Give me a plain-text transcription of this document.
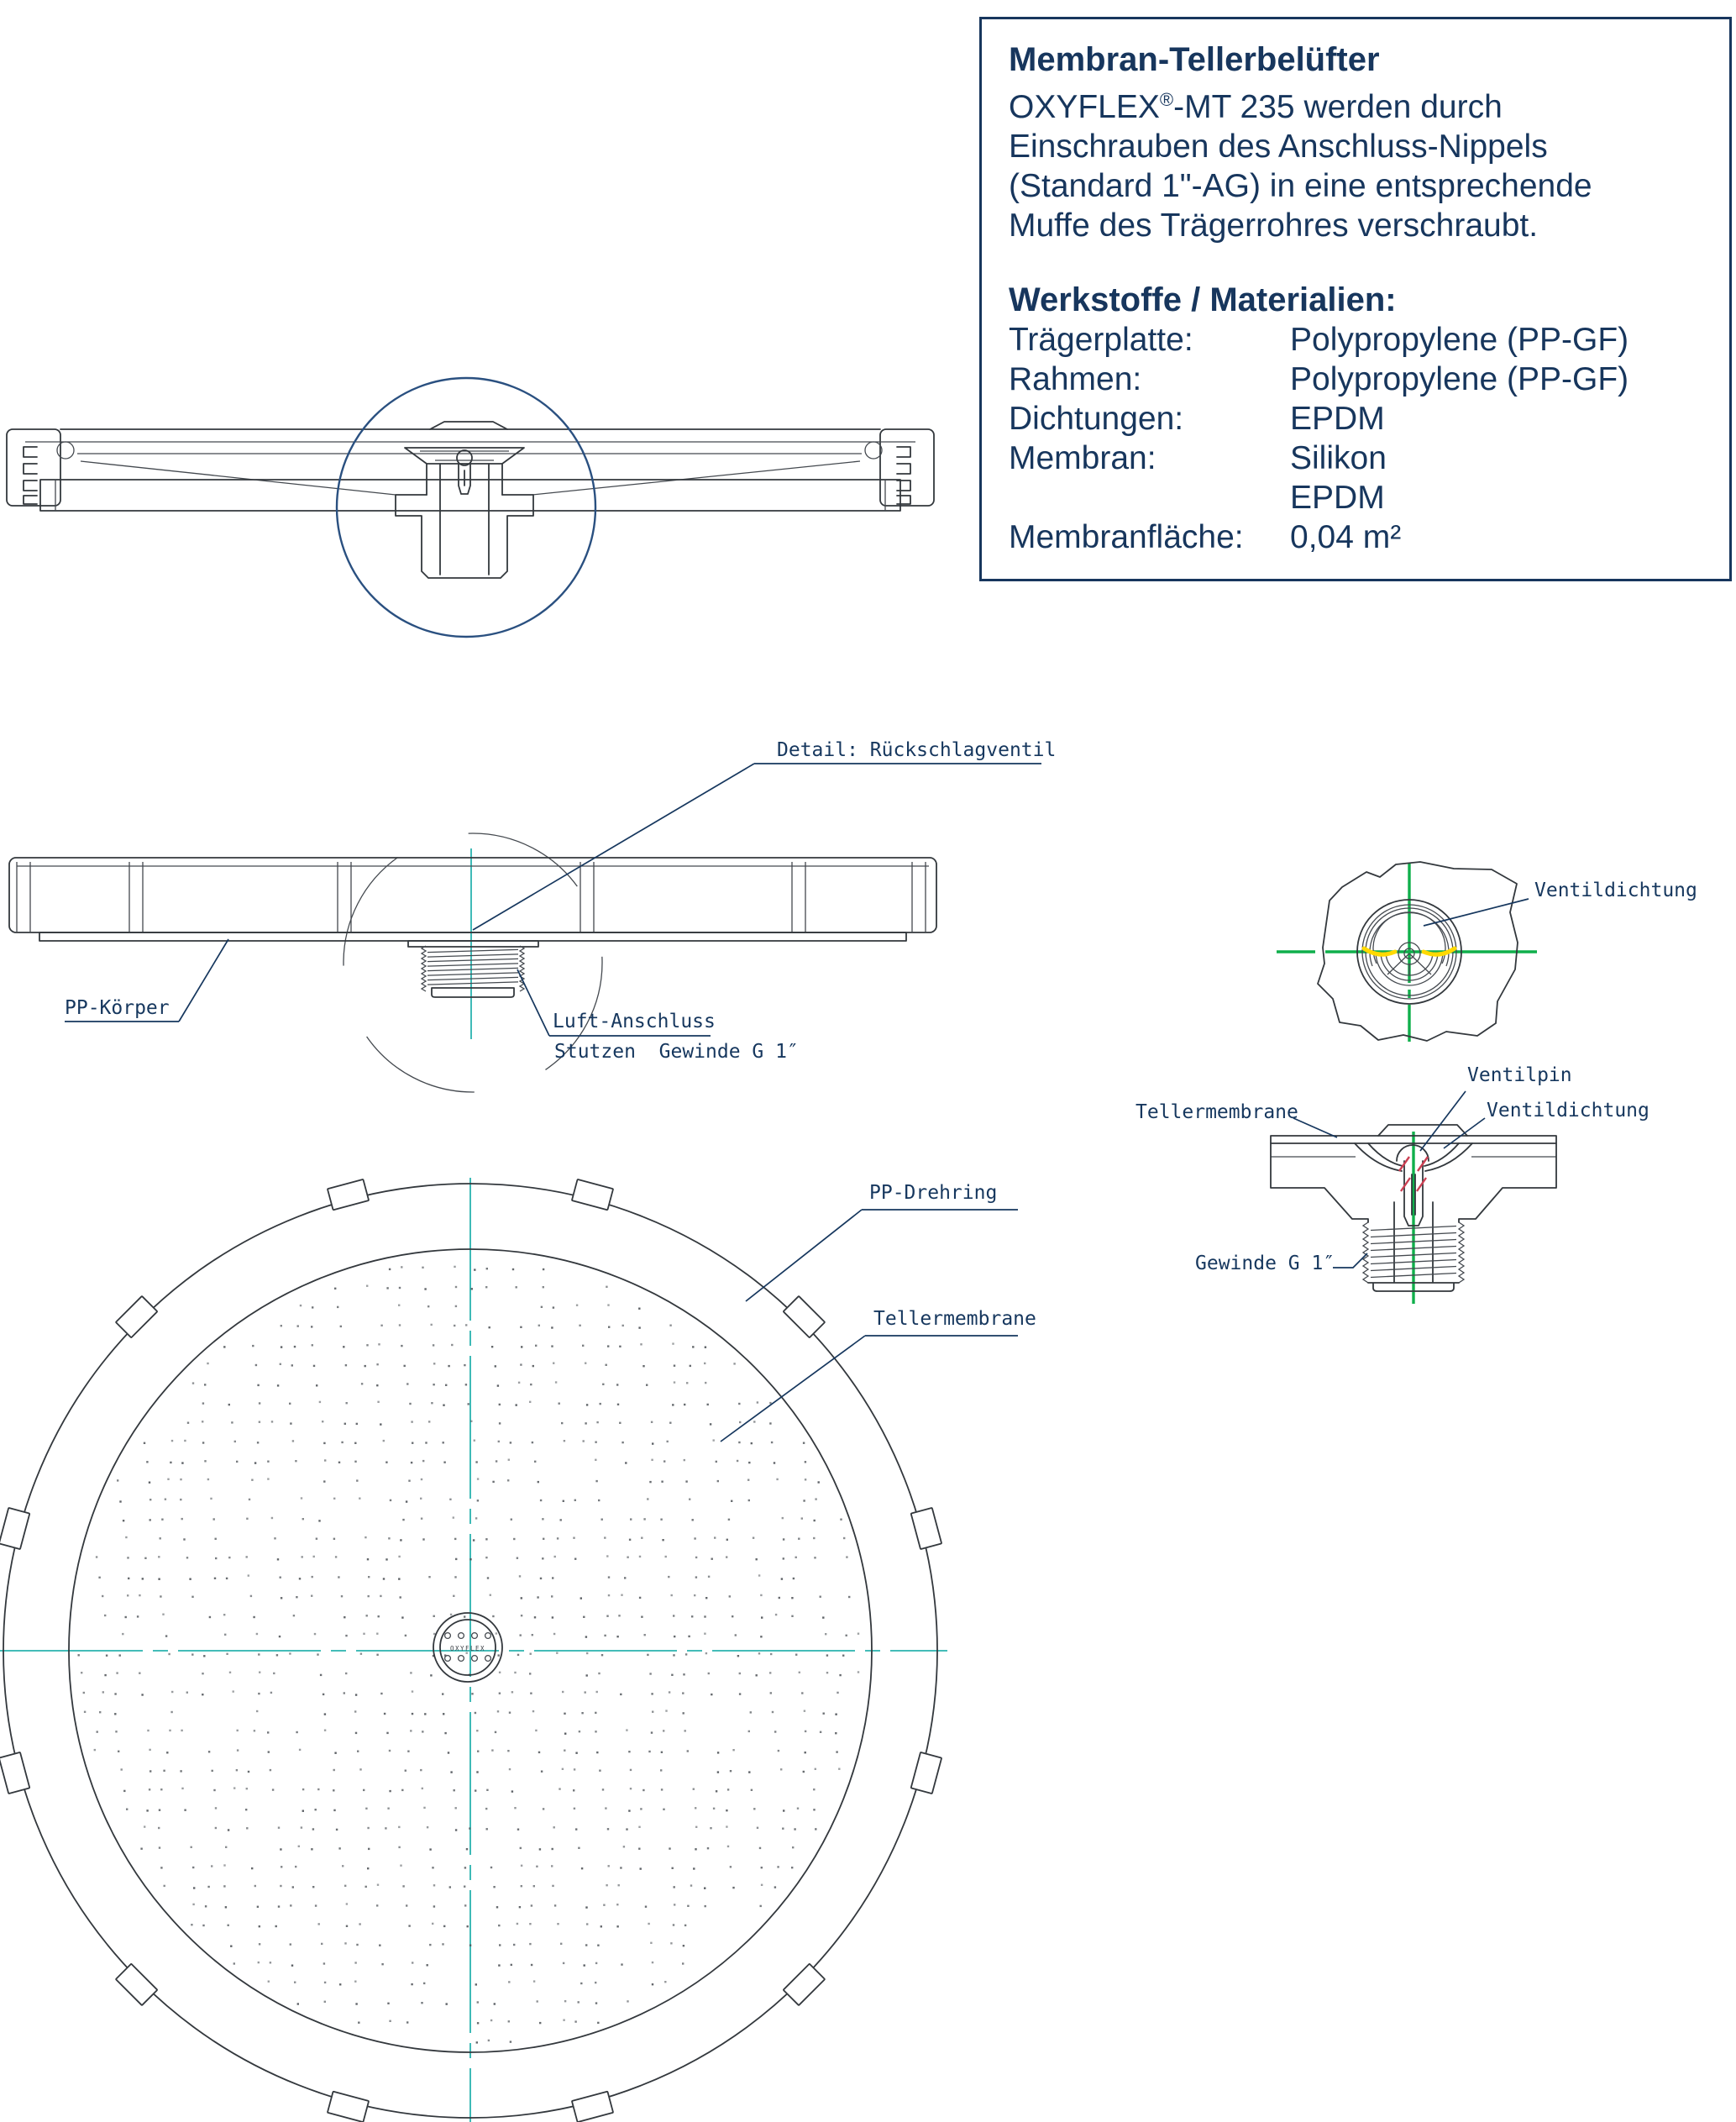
OXYFLEX
Detail: Rückschlagventil
PP-Körper
Luft-Anschluss
Stutzen  Gewinde G 1″
Ventildichtung
Tellermembrane
Ventilpin
Ventildichtung
Gewinde G 1″
PP-Drehring
Tellermembrane
Membran-Tellerbelüfter

OXYFLEX®-MT 235 werden durch

Einschrauben des Anschluss-Nippels

(Standard 1"-AG) in eine entsprechende

Muffe des Trägerrohres verschraubt.

Werkstoffe / Materialien:
Trägerplatte:	Polypropylene (PP-GF)
Rahmen:	Polypropylene (PP-GF)
Dichtungen:	EPDM
Membran:	Silikon
EPDM
Membranfläche:	0,04 m²
